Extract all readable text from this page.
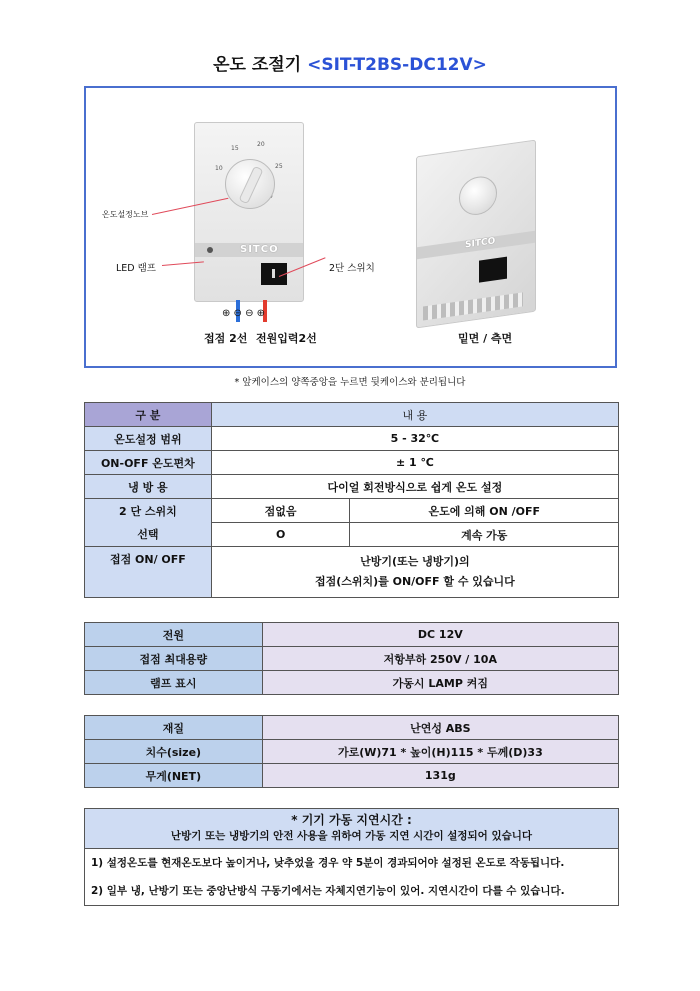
온도 조절기 <SIT-T2BS-DC12V>
15
20
25
10
SITCO
⊕ ⊖ ⊖ ⊕
온도설정노브
LED 램프	2단 스위치
접점 2선 전원입력2선
SITCO
밑면 / 측면
* 앞케이스의 양쪽중앙을 누르면 뒷케이스와 분리됩니다
구 분	내 용	
온도설정 범위	5 - 32℃	
ON-OFF 온도편차	± 1 ℃	
냉 방 용	다이얼 회전방식으로 쉽게 온도 설정	
2 단 스위치	점없음	온도에 의해 ON /OFF
선택	O	계속 가동
접점 ON/ OFF	난방기(또는 냉방기)의
접점(스위치)를 ON/OFF 할 수 있습니다	
전원	DC 12V
접점 최대용량	저항부하 250V / 10A
램프 표시	가동시 LAMP 켜짐
재질	난연성 ABS
치수(size)	가로(W)71 * 높이(H)115 * 두께(D)33
무게(NET)	131g
* 기기 가동 지연시간 :
난방기 또는 냉방기의 안전 사용을 위하여 가동 지연 시간이 설정되어 있습니다
1) 설정온도를 현재온도보다 높이거나, 낮추었을 경우 약 5분이 경과되어야 설정된 온도로 작동됩니다.
2) 일부 냉, 난방기 또는 중앙난방식 구동기에서는 자체지연기능이 있어. 지연시간이 다를 수 있습니다.
